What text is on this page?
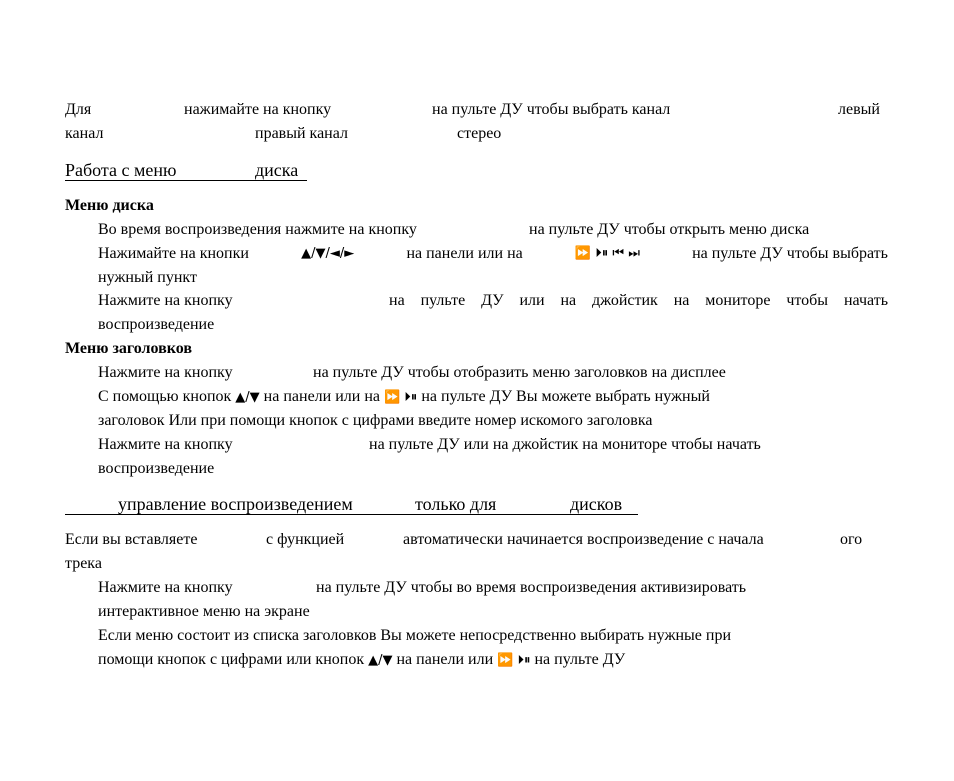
Для	нажимайте на кнопку	на пульте ДУ чтобы выбрать канал	левый
канал	правый канал	стерео
Работа с меню	диска
Меню диска
Во время воспроизведения нажмите на кнопку	на пульте ДУ чтобы открыть меню диска
Нажимайте на кнопки	▲/▼/◄/►	на панели или на	⏩ ⏵⏸ ⏮ ⏭	на пульте ДУ чтобы выбрать
нужный пункт
Нажмите на кнопку	на пульте ДУ или на джойстик на мониторе чтобы начать
воспроизведение
Меню заголовков
Нажмите на кнопку	на пульте ДУ чтобы отобразить меню заголовков на дисплее
С помощью кнопок ▲/▼ на панели или на ⏩ ⏵⏸ на пульте ДУ Вы можете выбрать нужный
заголовок Или при помощи кнопок с цифрами введите номер искомого заголовка
Нажмите на кнопку	на пульте ДУ или на джойстик на мониторе чтобы начать
воспроизведение
управление воспроизведением	только для	дисков
Если вы вставляете	с функцией	автоматически начинается воспроизведение с начала	ого
трека
Нажмите на кнопку	на пульте ДУ чтобы во время воспроизведения активизировать
интерактивное меню на экране
Если меню состоит из списка заголовков Вы можете непосредственно выбирать нужные при
помощи кнопок с цифрами или кнопок ▲/▼ на панели или ⏩ ⏵⏸ на пульте ДУ
